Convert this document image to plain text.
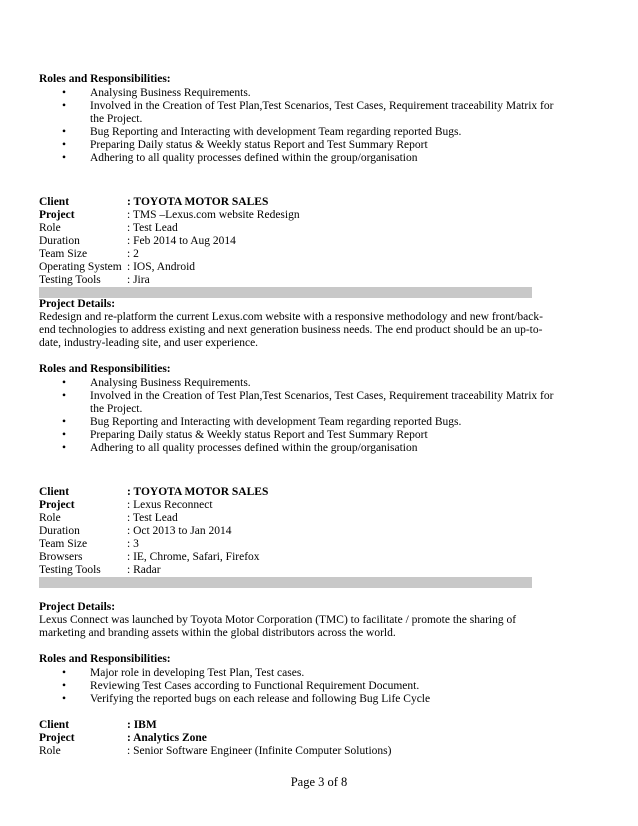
Roles and Responsibilities:

• Analysing Business Requirements.
• Involved in the Creation of Test Plan,Test Scenarios, Test Cases, Requirement traceability Matrix for the Project.
• Bug Reporting and Interacting with development Team regarding reported Bugs.
• Preparing Daily status & Weekly status Report and Test Summary Report
• Adhering to all quality processes defined within the group/organisation
Client	: TOYOTA MOTOR SALES
Project	: TMS –Lexus.com website Redesign
Role	: Test Lead
Duration	: Feb 2014 to Aug 2014
Team Size	: 2
Operating System	: IOS, Android
Testing Tools	: Jira

Project Details:

Redesign and re-platform the current Lexus.com website with a responsive methodology and new front/back-end technologies to address existing and next generation business needs. The end product should be an up-to-date, industry-leading site, and user experience.

Roles and Responsibilities:

• Analysing Business Requirements.
• Involved in the Creation of Test Plan,Test Scenarios, Test Cases, Requirement traceability Matrix for the Project.
• Bug Reporting and Interacting with development Team regarding reported Bugs.
• Preparing Daily status & Weekly status Report and Test Summary Report
• Adhering to all quality processes defined within the group/organisation
Client	: TOYOTA MOTOR SALES
Project	: Lexus Reconnect
Role	: Test Lead
Duration	: Oct 2013 to Jan 2014
Team Size	: 3
Browsers	: IE, Chrome, Safari, Firefox
Testing Tools	: Radar

Project Details:

Lexus Connect was launched by Toyota Motor Corporation (TMC) to facilitate / promote the sharing of marketing and branding assets within the global distributors across the world.

Roles and Responsibilities:

• Major role in developing Test Plan, Test cases.
• Reviewing Test Cases according to Functional Requirement Document.
• Verifying the reported bugs on each release and following Bug Life Cycle
Client	: IBM
Project	: Analytics Zone
Role	: Senior Software Engineer (Infinite Computer Solutions)
Page 3 of 8
